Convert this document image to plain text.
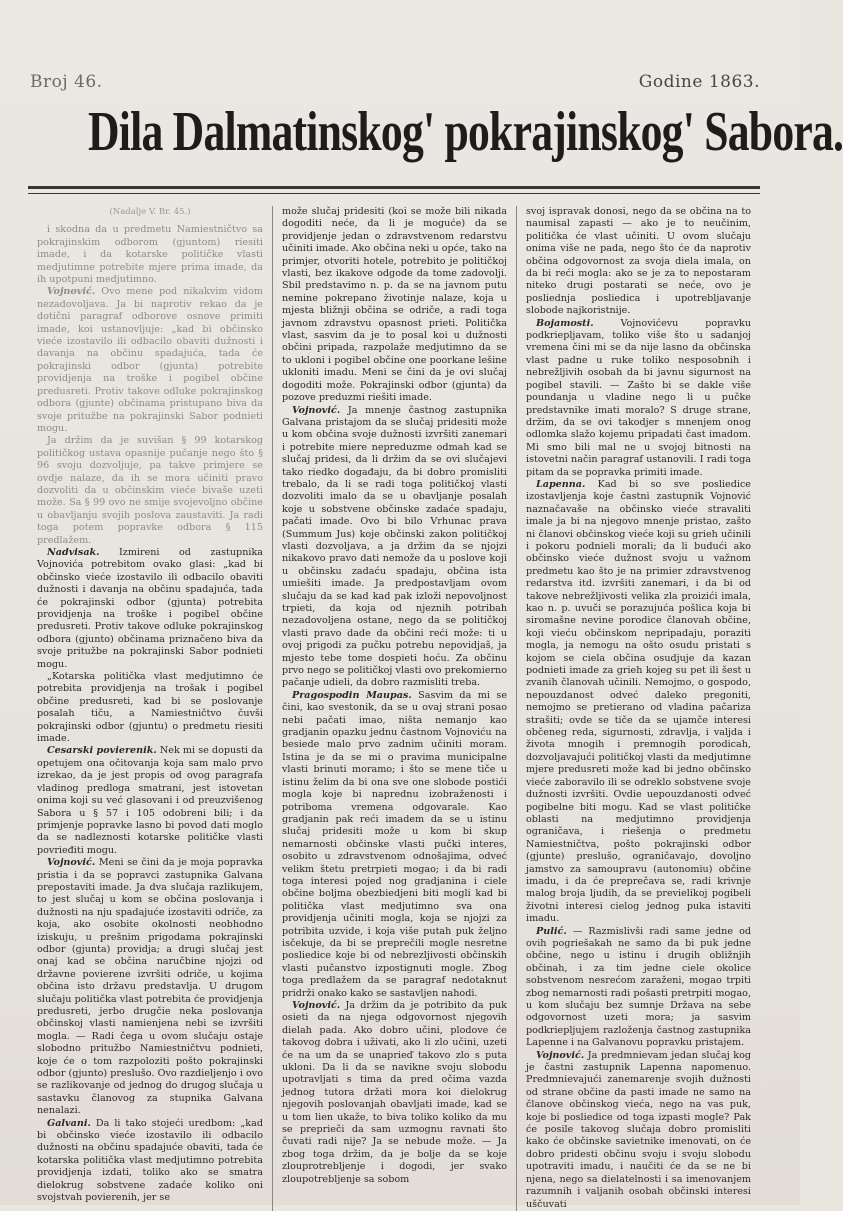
Broj 46.	Godine 1863.
Dila Dalmatinskog' pokrajinskog' Sabora.

(Nadalje V. Br. 45.)

i skodna da u predmetu Namiestničtvo sa pokrajinskim odborom (gjuntom) riesiti imade, i da kotarske političke vlasti medjutimne potrebite mjere prima imade, da ih upotpuni medjutimno.

Vojnović. Ovo mene pod nikakvim vidom nezadovoljava. Ja bi naprotiv rekao da je dotični paragraf odborove osnove primiti imade, koi ustanovljuje: „kad bi občinsko vieće izostavilo ili odbacilo obaviti dužnosti i davanja na občinu spadajuća, tada će pokrajinski odbor (gjunta) potrebite providjenja na troške i pogibel občine predusreti. Protiv takove odluke pokrajinskog odbora (gjunte) občinama pristupano biva da svoje pritužbe na pokrajinski Sabor podnieti mogu.

Ja držim da je suvišan § 99 kotarskog političkog ustava opasnije pučanje nego što § 96 svoju dozvoljuje, pa takve primjere se ovdje nalaze, da ih se mora učiniti pravo dozvoliti da u občinskim vieće bivaše uzeti može. Sa § 99 ovo ne smije svojevoljno občine u obavljanju svojih poslova zaustaviti. Ja radi toga potem popravke odbora § 115 predlažem.

Nadvisak. Izmireni od zastupnika Vojnovića potrebitom ovako glasi: „kad bi občinsko vieće izostavilo ili odbacilo obaviti dužnosti i davanja na občinu spadajuća, tada će pokrajinski odbor (gjunta) potrebita providjenja na troške i pogibel občine predusreti. Protiv takove odluke pokrajinskog odbora (gjunto) občinama priznačeno biva da svoje pritužbe na pokrajinski Sabor podnieti mogu.

„Kotarska politička vlast medjutimno će potrebita providjenja na trošak i pogibel občine predusreti, kad bi se poslovanje posalah tiču, a Namiestničtvo čuvši pokrajinski odbor (gjuntu) o predmetu riesiti imade.

Cesarski povierenik. Nek mi se dopusti da opetujem ona očitovanja koja sam malo prvo izrekao, da je jest propis od ovog paragrafa vladinog predloga smatrani, jest istovetan onima koji su već glasovani i od preuzvišenog Sabora u § 57 i 105 odobreni bili; i da primjenje popravke lasno bi povod dati moglo da se nadleznosti kotarske političke vlasti povrieđiti mogu.

Vojnović. Meni se čini da je moja popravka pristia i da se popravci zastupnika Galvana prepostaviti imade. Ja dva slučaja razlikujem, to jest slučaj u kom se občina poslovanja i dužnosti na nju spadajuće izostaviti odriče, za koja, ako osobite okolnosti neobhodno iziskuju, u prešnim prigodama pokrajinski odbor (gjunta) providja; a drugi slučaj jest onaj kad se občina naručbine njojzi od državne povierene izvršiti odriče, u kojima občina isto državu predstavlja. U drugom slučaju politička vlast potrebita će providjenja predusreti, jerbo drugčie neka poslovanja občinskoj vlasti namienjena nebi se izvršiti mogla. — Radi čega u ovom slučaju ostaje slobodno pritužbo Namiestničtvu podnieti, koje će o tom razpoloziti pošto pokrajinski odbor (gjunto) preslušo. Ovo razdieljenjo i ovo se razlikovanje od jednog do drugog slučaja u sastavku članovog za stupnika Galvana nenalazi.

Galvani. Da li tako stojeći uredbom: „kad bi občinsko vieće izostavilo ili odbacilo dužnosti na občinu spadajuće obaviti, tada će kotarska politička vlast medjutimno potrebita providjenja izdati, toliko ako se smatra dielokrug sobstvene zadaće koliko oni svojstvah povierenih, jer se

može slučaj pridesiti (koi se može bili nikada dogoditi neće, da li je moguće) da se providjenje jedan o zdravstvenom redarstvu učiniti imade. Ako občina neki u opće, tako na primjer, otvoriti hotele, potrebito je političkoj vlasti, bez ikakove odgode da tome zadovolji. Sbil predstavimo n. p. da se na javnom putu nemine pokrepano životinje nalaze, koja u mjesta bližnji občina se odriče, a radi toga javnom zdravstvu opasnost prieti. Politička vlast, sasvim da je to posal koi u dužnosti občini pripada, razpolaže medjutimno da se to ukloni i pogibel občine one poorkane lešine ukloniti imadu. Meni se čini da je ovi slučaj dogoditi može. Pokrajinski odbor (gjunta) da pozove preduzmi riešiti imade.

Vojnović. Ja mnenje častnog zastupnika Galvana pristajom da se slučaj pridesiti može u kom občina svoje dužnosti izvršiti zanemari i potrebite miere nepreduzme odmah kad se slučaj pridesi, da li držim da se ovi slučajevi tako riedko događaju, da bi dobro promisliti trebalo, da li se radi toga političkoj vlasti dozvoliti imalo da se u obavljanje posalah koje u sobstvene občinske zadaće spadaju, pačati imade. Ovo bi bilo Vrhunac prava (Summum Jus) koje občinski zakon političkoj vlasti dozvoljava, a ja držim da se njojzi nikakovo pravo dati nemože da u poslove koji u občinsku zadaću spadaju, občina ista umiešiti imade. Ja predpostavljam ovom slučaju da se kad kad pak izloži nepovoljnost trpieti, da koja od njeznih potribah nezadovoljena ostane, nego da se političkoj vlasti pravo dade da občini reći može: ti u ovoj prigodi za pučku potrebu nepovidjaš, ja mjesto tebe tome dospieti hoću. Za občinu prvo nego se političkoj vlasti ovo prekomierno pačanje udieli, da dobro razmisliti treba.

Pragospodin Maupas. Sasvim da mi se čini, kao svestonik, da se u ovaj strani posao nebi pačati imao, ništa nemanjo kao gradjanin opazku jednu častnom Vojnoviću na besiede malo prvo zadnim učiniti moram. Istina je da se mi o pravima municipalne vlasti brinuti moramo; i što se mene tiče u istinu želim da bi ona sve one slobode postići mogla koje bi naprednu izobraženosti i potriboma vremena odgovarale. Kao gradjanin pak reći imadem da se u istinu slučaj pridesiti može u kom bi skup nemarnosti občinske vlasti pučki interes, osobito u zdravstvenom odnošajima, odveć velikm štetu pretrpieti mogao; i da bi radi toga interesi pojed nog gradjanina i ciele občine boljma obezbiedjeni biti mogli kad bi politička vlast medjutimno sva ona providjenja učiniti mogla, koja se njojzi za potribita uzvide, i koja više putah puk željno isčekuje, da bi se preprečili mogle nesretne posliedice koje bi od nebrezljivosti občinskih vlasti pučanstvo izpostignuti mogle. Zbog toga predlažem da se paragraf nedotaknut pridrži onako kako se sastavljen nahodi.

Vojnović. Ja držim da je potribito da puk osieti da na njega odgovornost njegovih dielah pada. Ako dobro učini, plodove će takovog dobra i uživati, ako li zlo učini, uzeti će na um da se unaprieď takovo zlo s puta ukloni. Da li da se navikne svoju slobodu upotravljati s tima da pred očima vazda jednog tutora držati mora koi dielokrug njegovih poslovanjah obavljati imade, kad se u tom lien ukaže, to biva toliko koliko da mu se preprieči da sam uzmognu ravnati što čuvati radi nije? Ja se nebude može. — Ja zbog toga držim, da je bolje da se koje zlouprotrebljenje i dogodi, jer svako zloupotrebljenje sa sobom

svoj ispravak donosi, nego da se občina na to naumisal zapasti — ako je to neučinim, politička će vlast učiniti. U ovom slučaju onima više ne pada, nego što će da naprotiv občina odgovornost za svoja diela imala, on da bi reći mogla: ako se je za to nepostaram niteko drugi postarati se neće, ovo je posliednja posliedica i upotrebljavanje slobode najkoristnije.

Bojamosti.	Vojnovićevu popravku podkriepljavam, toliko više što u sadanjoj vremena čini mi se da nije lasno da občinska vlast padne u ruke toliko nesposobnih i nebrežljivih osobah da bi javnu sigurnost na pogibel stavili. — Zašto bi se dakle više poundanja u vladine nego li u pučke predstavnike imati moralo? S druge strane, držim, da se ovi takodjer s mnenjem onog odlomka slažo kojemu pripadati čast imadom. Mi smo bili mal ne u svojoj bitnosti na istovetni način paragraf ustanovili. I radi toga pitam da se popravka primiti imade.

Lapenna. Kad bi so sve posliedice izostavljenja koje častni zastupnik Vojnović naznačavaše na občinsko vieće stravaliti imale ja bi na njegovo mnenje pristao, zašto ni članovi občinskog vieće koji su grieh učinili i pokoru podnieli morali; da li budući ako občinsko vieće dužnost svoju u važnom predmetu kao što je na primier zdravstvenog redarstva itd. izvršiti zanemari, i da bi od takove nebrežljivosti velika zla proizići imala, kao n. p. uvuči se porazujuća pošlica koja bi siromašne nevine porodice članovah občine, koji vieću občinskom nepripadaju, poraziti mogla, ja nemogu na ošto osudu pristati s kojom se ciela občina osudjuje da kazan podnieti imade za grieh kojeg su pet ili šest u zvanih članovah učinili. Nemojmo, o gospodo, nepouzdanost odveć daleko pregoniti, nemojmo se pretierano od vladina pačariza strašiti; ovde se tiče da se ujamče interesi občeneg reda, sigurnosti, zdravlja, i valjda i života mnogih i premnogih porodicah, dozvoljavajući političkoj vlasti da medjutimne mjere predusreti može kad bi jedno občinsko vieće zaboravilo ili se odreklo sobstvene svoje dužnosti izvršiti. Ovdie uepouzdanosti odveć pogibelne biti mogu. Kad se vlast političke oblasti na medjutimno providjenja ograničava, i riešenja o predmetu Namiestničtva, pošto pokrajinski odbor (gjunte) preslušo, ograničavajo, dovoljno jamstvo za samoupravu (autonomiu) občine imadu, i da će preprečava se, radi krivnje malog broja ljudih, da se previelikoj pogibeli životni interesi cielog jednog puka istaviti imadu.

Pulić. — Razmislivši radi same jedne od ovih pogriešakah ne samo da bi puk jedne občine, nego u istinu i drugih obližnjih občinah, i za tim jedne ciele okolice sobstvenom nesrećom zaraženi, mogao trpiti zbog nemarnosti radi pošasti pretrpiti mogao, u kom slučaju bez sumnje Država na sebe odgovornost uzeti mora; ja sasvim podkriepljujem razloženja častnog zastupnika Lapenne i na Galvanovu popravku pristajem.

Vojnović. Ja predmnievam jedan slučaj kog je častni zastupnik Lapenna napomenuo. Predmnievajući zanemarenje svojih dužnosti od strane občine da pasti imade ne samo na članove občinskog vieća, nego na vas puk, koje bi posliedice od toga izpasti mogle? Pak će posile takovog slučaja dobro promisliti kako će občinske savietnike imenovati, on će dobro pridesti občinu svoju i svoju slobodu upotraviti imadu, i naučiti će da se ne bi njena, nego sa dielatelnosti i sa imenovanjem razumnih i valjanih osobah občinski interesi uščuvati
